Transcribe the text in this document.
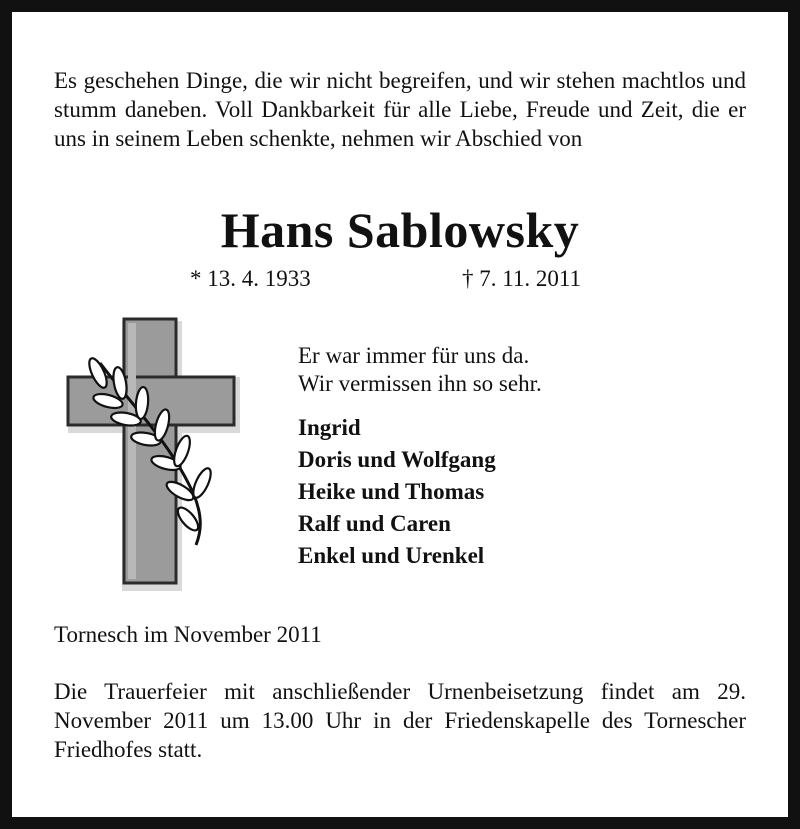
Es geschehen Dinge, die wir nicht begreifen, und wir stehen machtlos und stumm daneben. Voll Dankbarkeit für alle Liebe, Freude und Zeit, die er uns in seinem Leben schenkte, nehmen wir Abschied von
Hans Sablowsky
* 13. 4. 1933	† 7. 11. 2011
Er war immer für uns da.
Wir vermissen ihn so sehr.
Ingrid
Doris und Wolfgang
Heike und Thomas
Ralf und Caren
Enkel und Urenkel
Tornesch im November 2011
Die Trauerfeier mit anschließender Urnenbeisetzung findet am 29. November 2011 um 13.00 Uhr in der Friedenskapelle des Tornescher Friedhofes statt.
